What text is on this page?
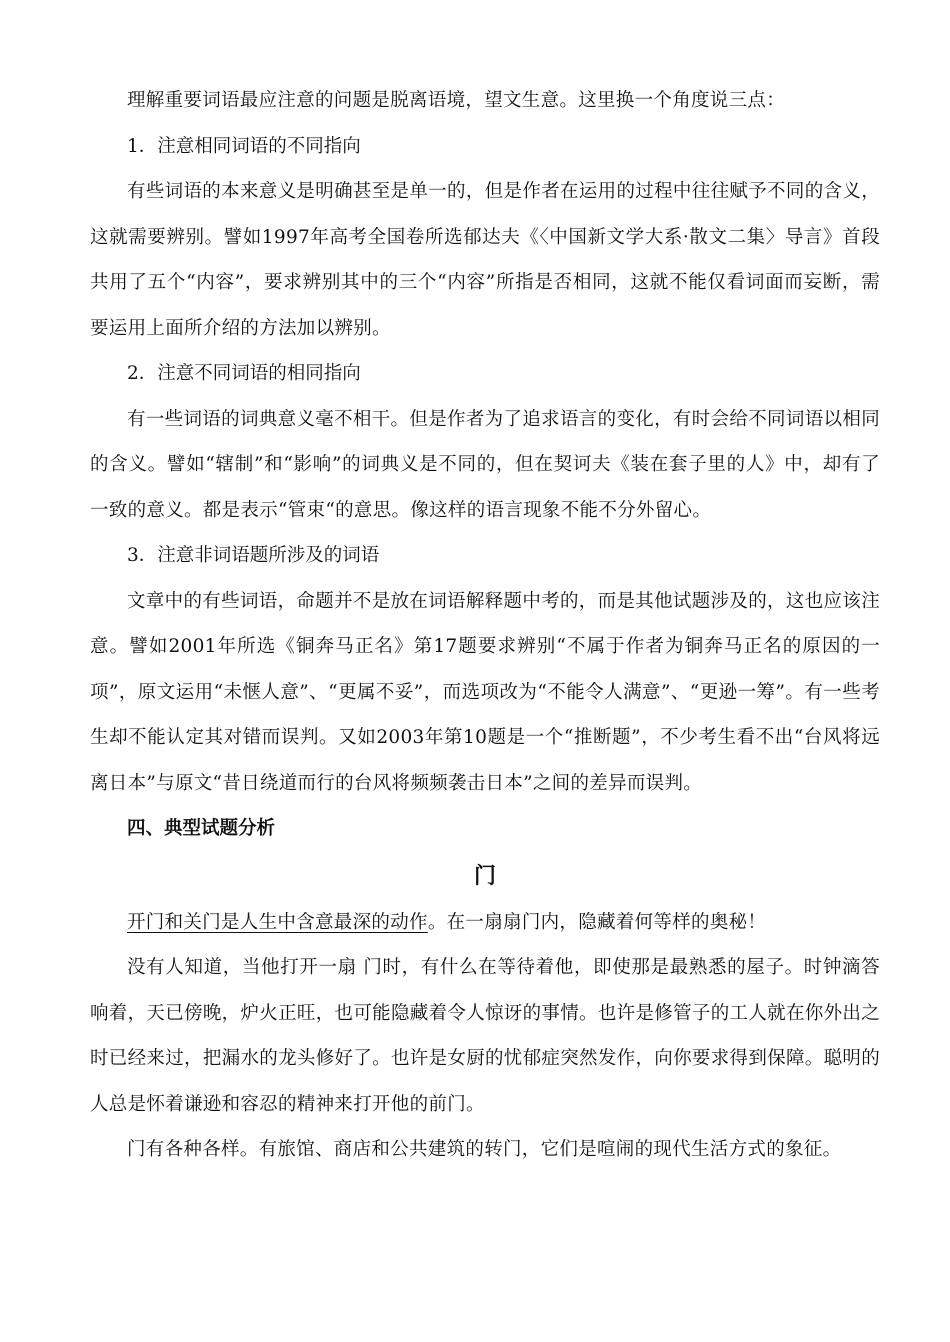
理解重要词语最应注意的问题是脱离语境，望文生意。这里换一个角度说三点：

1．注意相同词语的不同指向

有些词语的本来意义是明确甚至是单一的，但是作者在运用的过程中往往赋予不同的含义，这就需要辨别。譬如1997年高考全国卷所选郁达夫《〈中国新文学大系·散文二集〉导言》首段共用了五个“内容”，要求辨别其中的三个“内容”所指是否相同，这就不能仅看词面而妄断，需要运用上面所介绍的方法加以辨别。

2．注意不同词语的相同指向

有一些词语的词典意义毫不相干。但是作者为了追求语言的变化，有时会给不同词语以相同的含义。譬如“辖制”和“影响”的词典义是不同的，但在契诃夫《装在套子里的人》中，却有了一致的意义。都是表示“管束“的意思。像这样的语言现象不能不分外留心。

3．注意非词语题所涉及的词语

文章中的有些词语，命题并不是放在词语解释题中考的，而是其他试题涉及的，这也应该注意。譬如2001年所选《铜奔马正名》第17题要求辨别“不属于作者为铜奔马正名的原因的一项”，原文运用“未惬人意”、“更属不妥”，而选项改为“不能令人满意”、“更逊一筹”。有一些考生却不能认定其对错而误判。又如2003年第10题是一个“推断题”，不少考生看不出“台风将远离日本”与原文“昔日绕道而行的台风将频频袭击日本”之间的差异而误判。

四、典型试题分析

门

开门和关门是人生中含意最深的动作。在一扇扇门内，隐藏着何等样的奥秘！

没有人知道，当他打开一扇 门时，有什么在等待着他，即使那是最熟悉的屋子。时钟滴答响着，天已傍晚，炉火正旺，也可能隐藏着令人惊讶的事情。也许是修管子的工人就在你外出之时已经来过，把漏水的龙头修好了。也许是女厨的忧郁症突然发作，向你要求得到保障。聪明的人总是怀着谦逊和容忍的精神来打开他的前门。

门有各种各样。有旅馆、商店和公共建筑的转门，它们是喧闹的现代生活方式的象征。
